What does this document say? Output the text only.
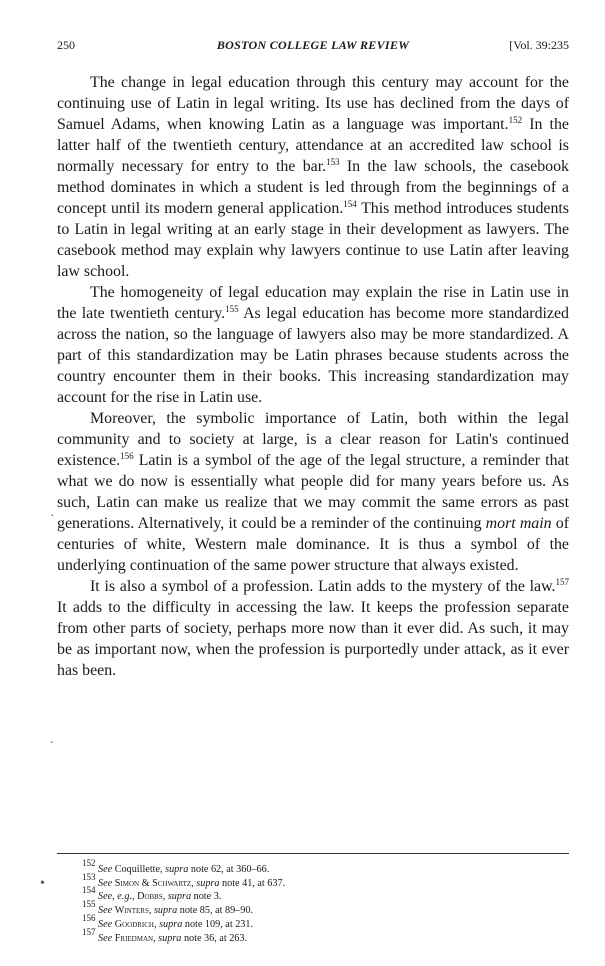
250	BOSTON COLLEGE LAW REVIEW	[Vol. 39:235

The change in legal education through this century may account for the continuing use of Latin in legal writing. Its use has declined from the days of Samuel Adams, when knowing Latin as a language was important.$^{152}$ In the latter half of the twentieth century, attendance at an accredited law school is normally necessary for entry to the bar.$^{153}$ In the law schools, the casebook method dominates in which a student is led through from the beginnings of a concept until its modern general application.$^{154}$ This method introduces students to Latin in legal writing at an early stage in their development as lawyers. The casebook method may explain why lawyers continue to use Latin after leaving law school.

The homogeneity of legal education may explain the rise in Latin use in the late twentieth century.$^{155}$ As legal education has become more standardized across the nation, so the language of lawyers also may be more standardized. A part of this standardization may be Latin phrases because students across the country encounter them in their books. This increasing standardization may account for the rise in Latin use.

Moreover, the symbolic importance of Latin, both within the legal community and to society at large, is a clear reason for Latin's continued existence.$^{156}$ Latin is a symbol of the age of the legal structure, a reminder that what we do now is essentially what people did for many years before us. As such, Latin can make us realize that we may commit the same errors as past generations. Alternatively, it could be a reminder of the continuing mort main of centuries of white, Western male dominance. It is thus a symbol of the underlying continuation of the same power structure that always existed.

It is also a symbol of a profession. Latin adds to the mystery of the law.$^{157}$ It adds to the difficulty in accessing the law. It keeps the profession separate from other parts of society, perhaps more now than it ever did. As such, it may be as important now, when the profession is purportedly under attack, as it ever has been.

$^{152}$ See Coquillette, supra note 62, at 360–66.
$^{153}$ See Simon & Schwartz, supra note 41, at 637.
$^{154}$ See, e.g., Dobbs, supra note 3.
$^{155}$ See Winters, supra note 85, at 89–90.
$^{156}$ See Goodrich, supra note 109, at 231.
$^{157}$ See Friedman, supra note 36, at 263.
·
.
•
